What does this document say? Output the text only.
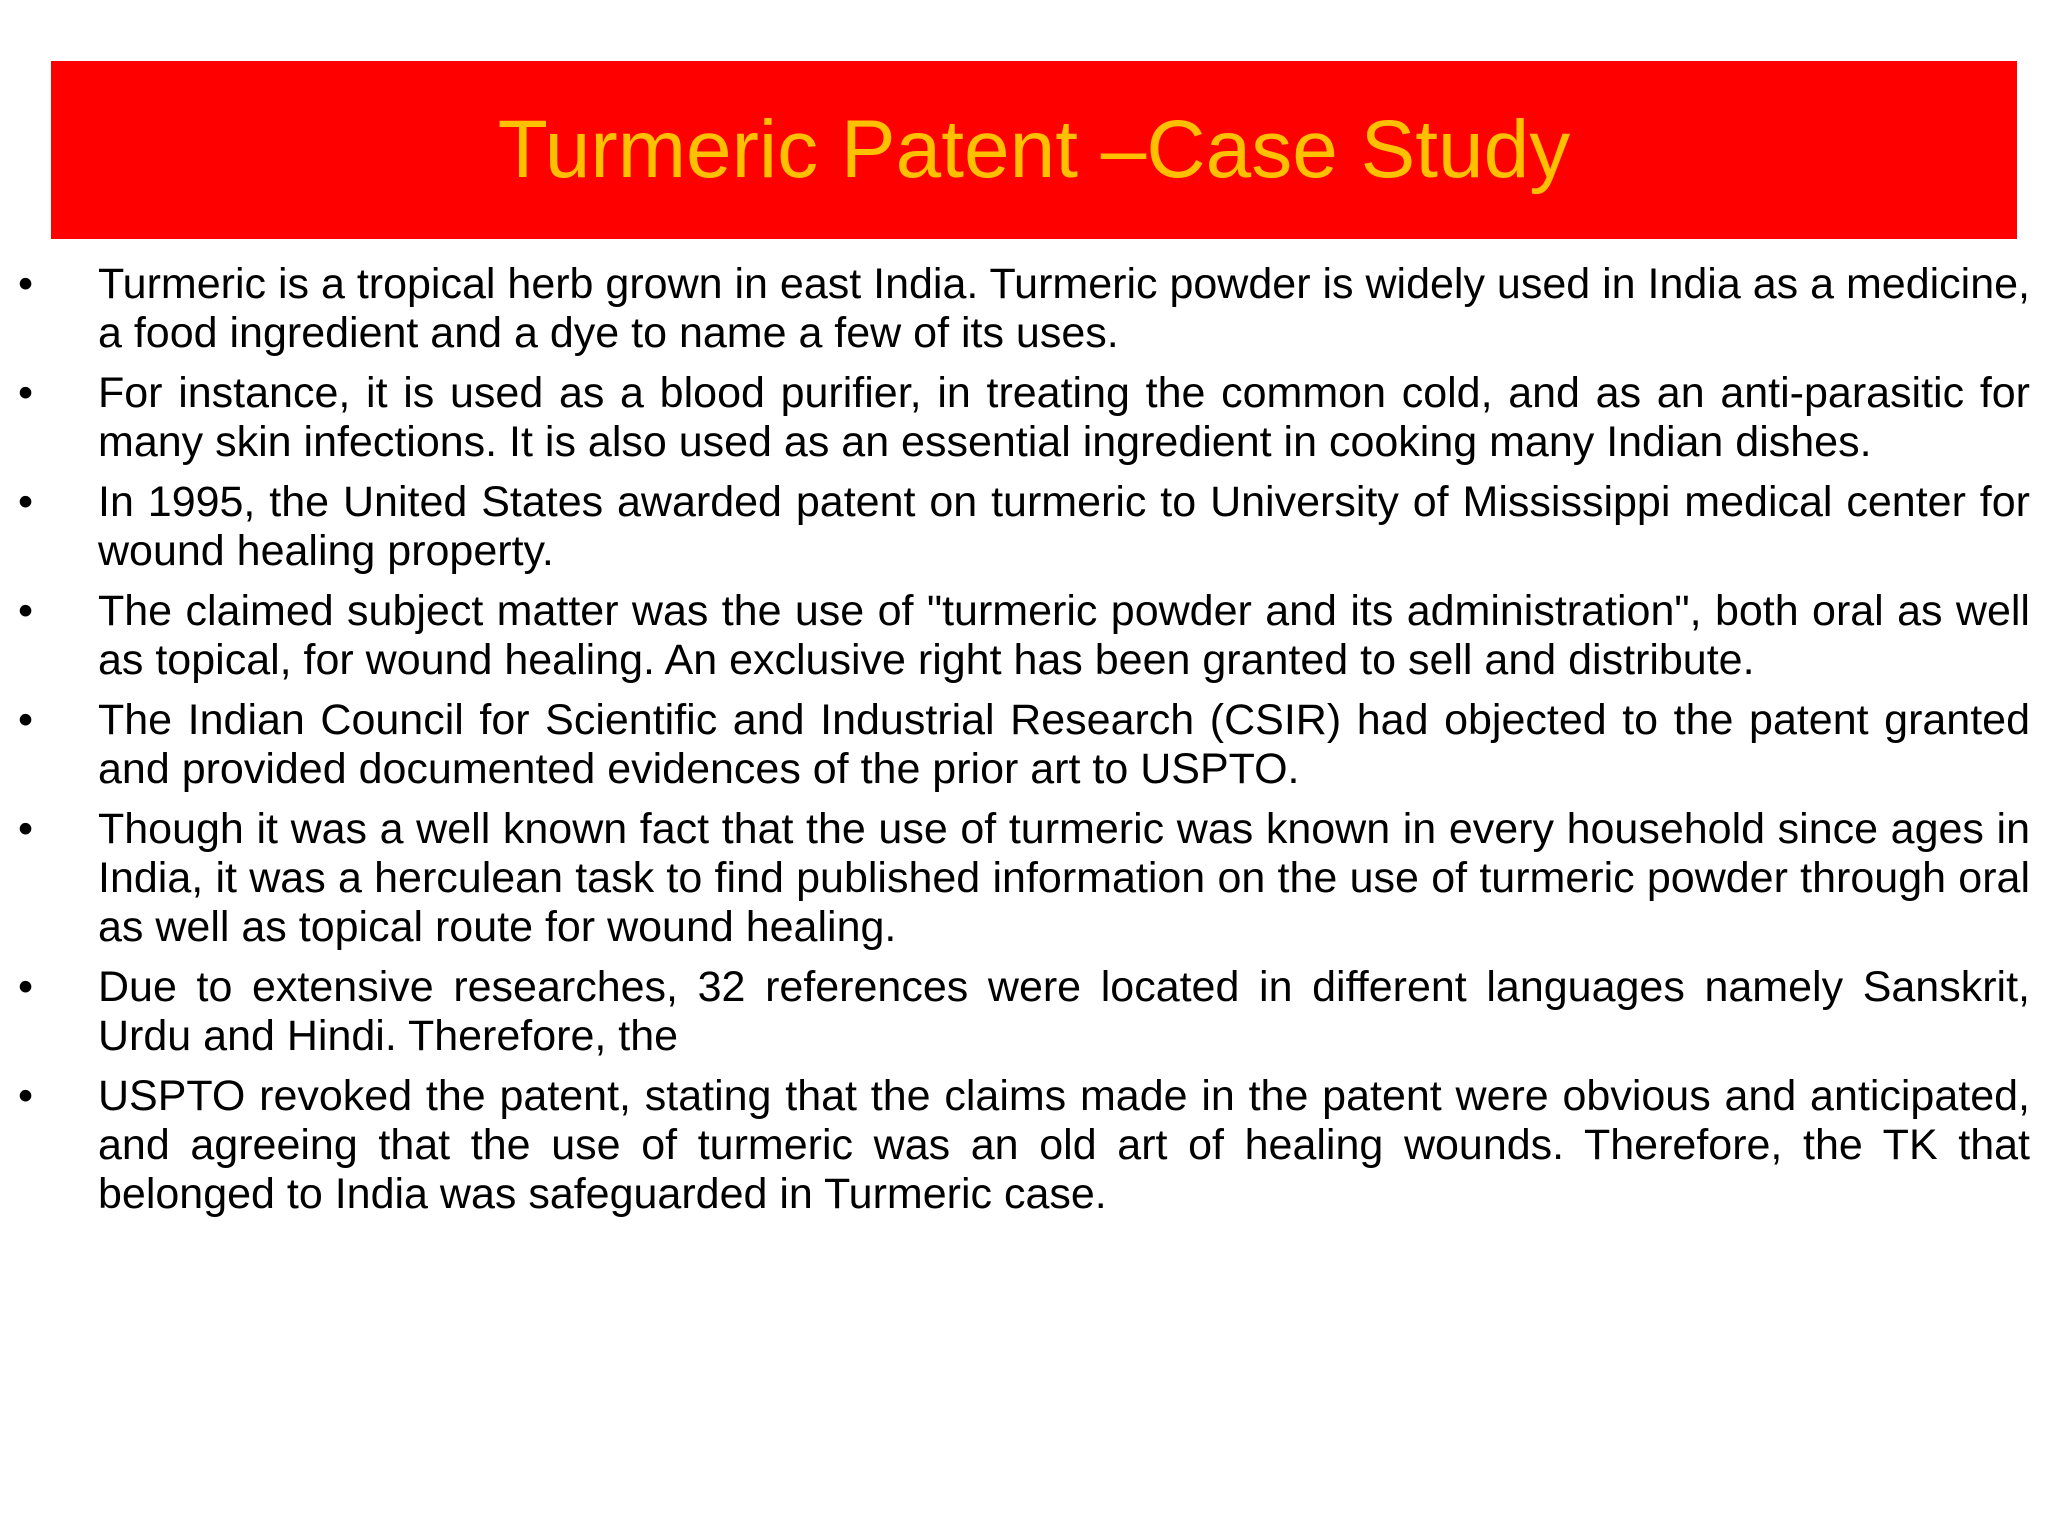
Turmeric Patent –Case Study
•	Turmeric is a tropical herb grown in east India. Turmeric powder is widely used in India as a medicine, a food ingredient and a dye to name a few of its uses.
•	For instance, it is used as a blood purifier, in treating the common cold, and as an anti-parasitic for many skin infections. It is also used as an essential ingredient in cooking many Indian dishes.
•	In 1995, the United States awarded patent on turmeric to University of Mississippi medical center for wound healing property.
•	The claimed subject matter was the use of "turmeric powder and its administration", both oral as well as topical, for wound healing. An exclusive right has been granted to sell and distribute.
•	The Indian Council for Scientific and Industrial Research (CSIR) had objected to the patent granted and provided documented evidences of the prior art to USPTO.
•	Though it was a well known fact that the use of turmeric was known in every household since ages in India, it was a herculean task to find published information on the use of turmeric powder through oral as well as topical route for wound healing.
•	Due to extensive researches, 32 references were located in different languages namely Sanskrit, Urdu and Hindi. Therefore, the
•	USPTO revoked the patent, stating that the claims made in the patent were obvious and anticipated, and agreeing that the use of turmeric was an old art of healing wounds. Therefore, the TK that belonged to India was safeguarded in Turmeric case.
